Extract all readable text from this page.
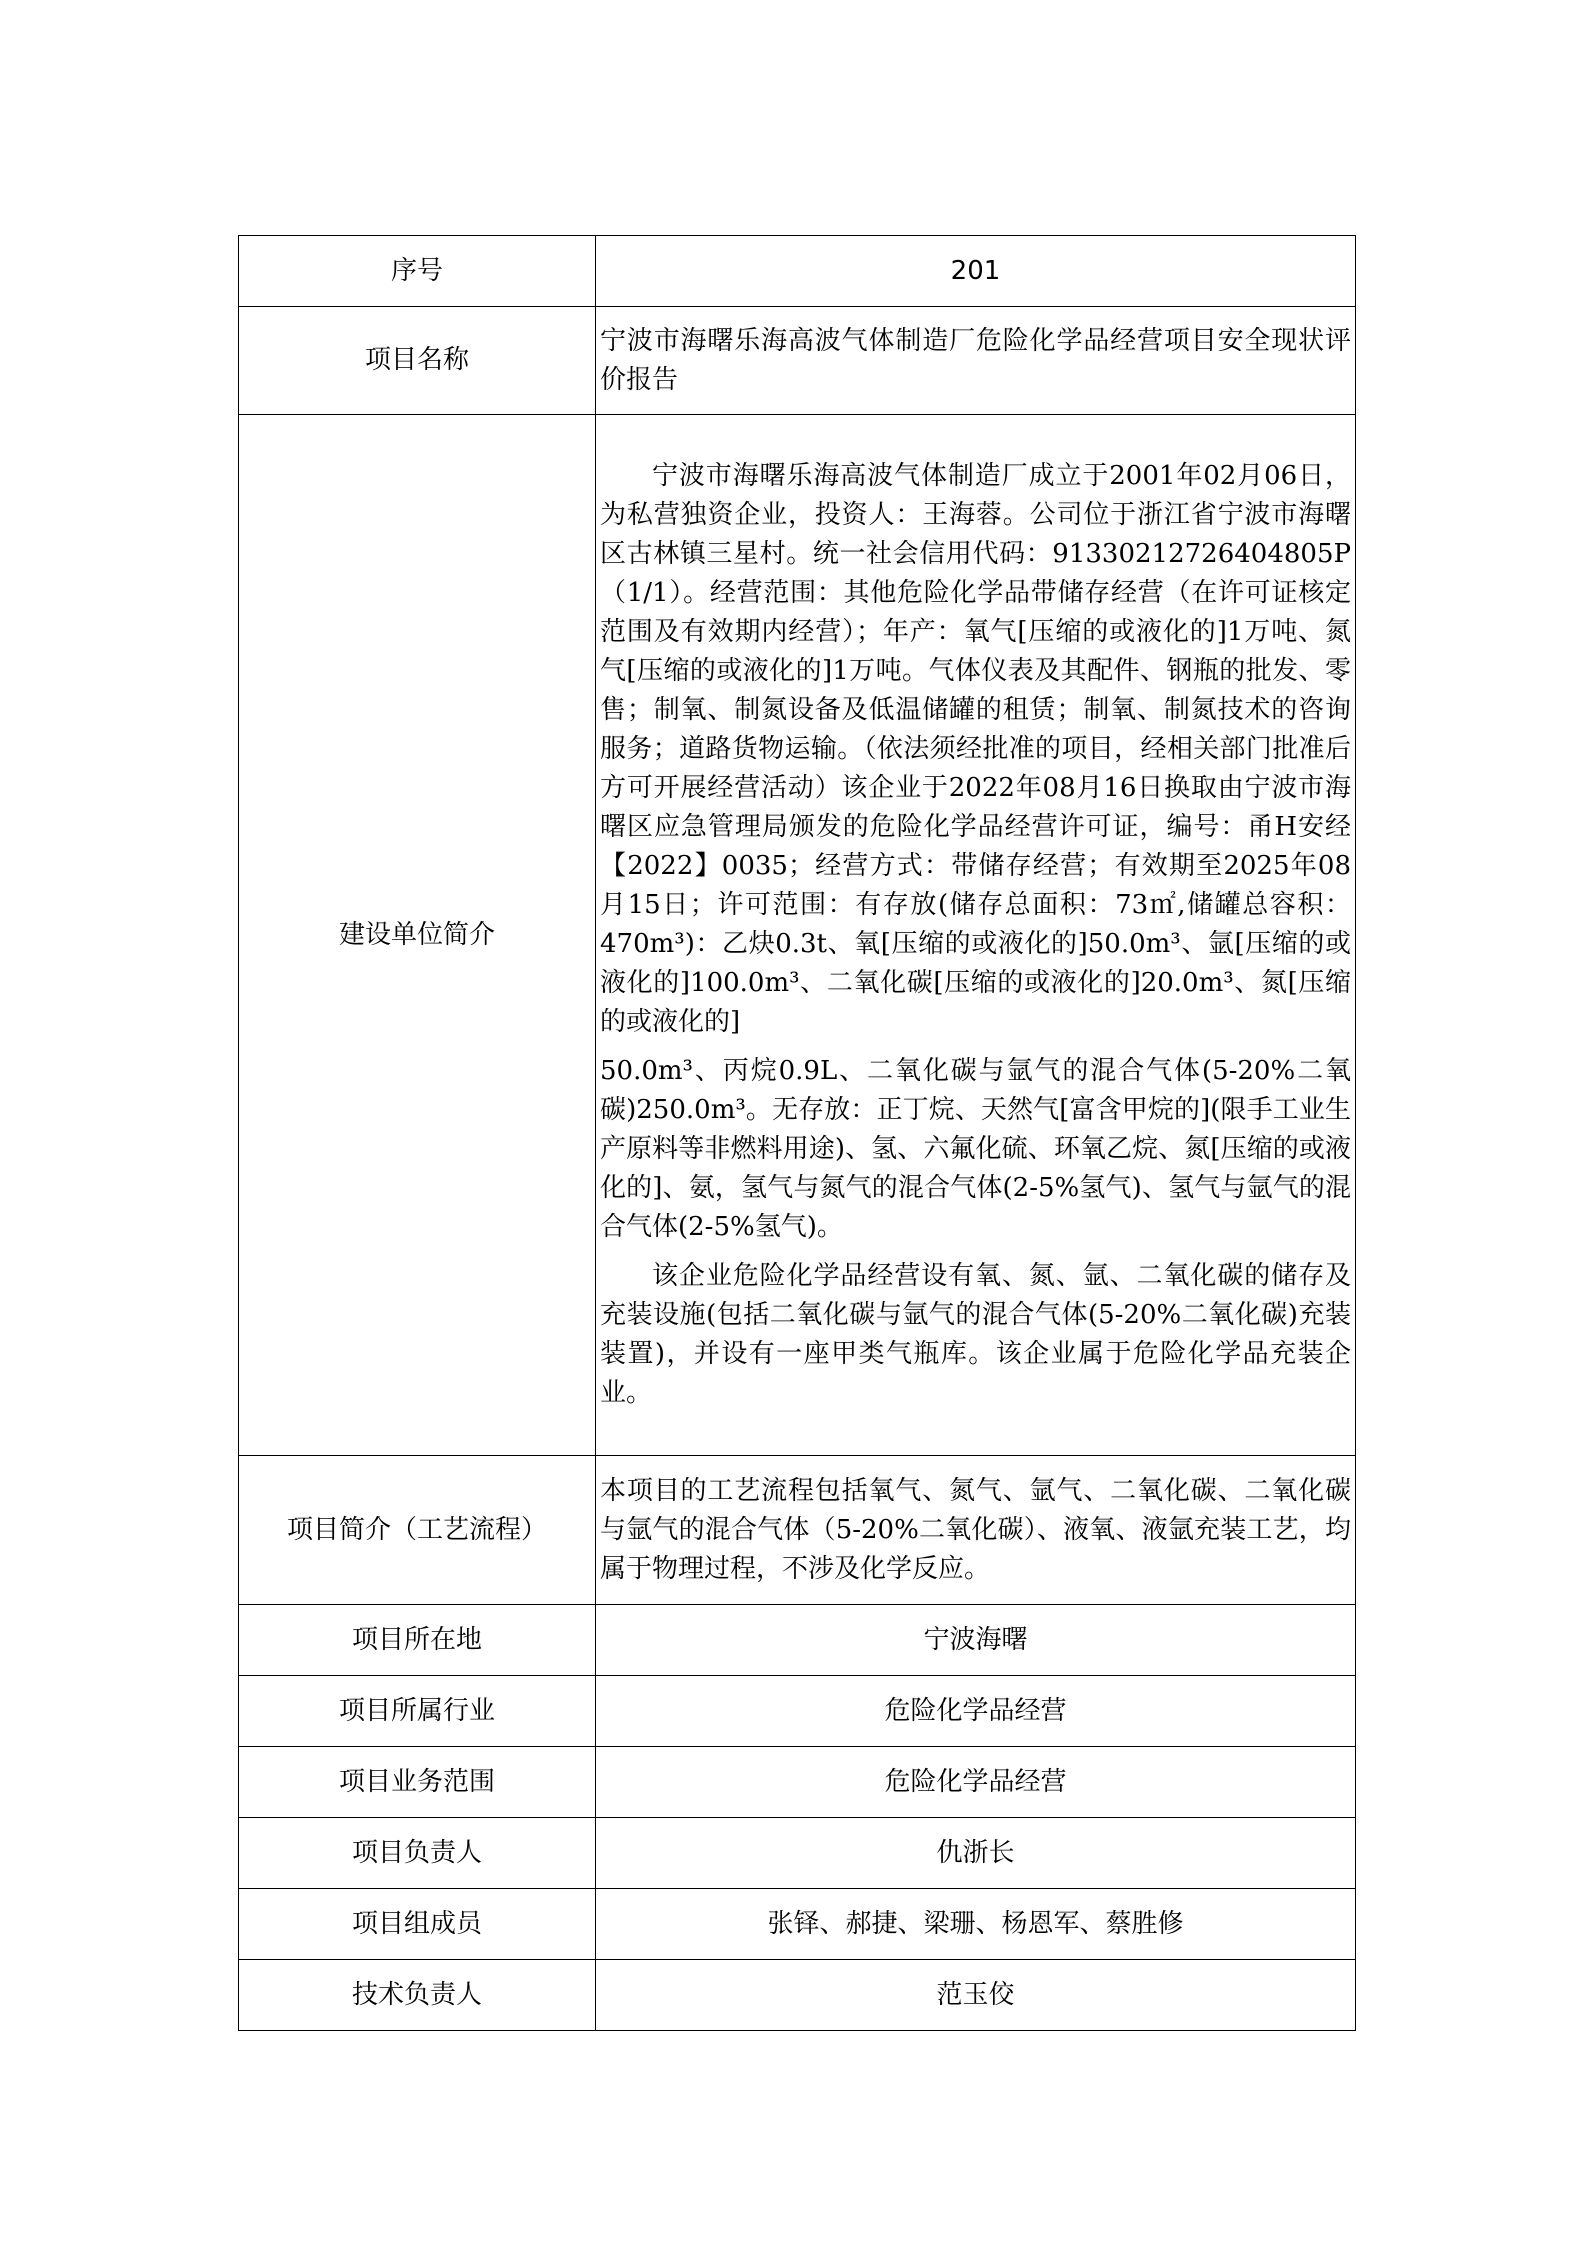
序号	201
项目名称	宁波市海曙乐海高波气体制造厂危险化学品经营项目安全现状评价报告

建设单位简介	宁波市海曙乐海高波气体制造厂成立于2001年02月06日，为私营独资企业，投资人：王海蓉。公司位于浙江省宁波市海曙区古林镇三星村。统一社会信用代码：91330212726404805P（1/1）。经营范围：其他危险化学品带储存经营（在许可证核定范围及有效期内经营）；年产：氧气[压缩的或液化的]1万吨、氮气[压缩的或液化的]1万吨。气体仪表及其配件、钢瓶的批发、零售；制氧、制氮设备及低温储罐的租赁；制氧、制氮技术的咨询服务；道路货物运输。（依法须经批准的项目，经相关部门批准后方可开展经营活动）该企业于2022年08月16日换取由宁波市海曙区应急管理局颁发的危险化学品经营许可证，编号：甬H安经【2022】0035；经营方式：带储存经营；有效期至2025年08月15日；许可范围：有存放(储存总面积：73㎡,储罐总容积：470m³)：乙炔0.3t、氧[压缩的或液化的]50.0m³、氩[压缩的或液化的]100.0m³、二氧化碳[压缩的或液化的]20.0m³、氮[压缩的或液化的]

50.0m³、丙烷0.9L、二氧化碳与氩气的混合气体(5-20%二氧碳)250.0m³。无存放：正丁烷、天然气[富含甲烷的](限手工业生产原料等非燃料用途)、氢、六氟化硫、环氧乙烷、氮[压缩的或液化的]、氨，氢气与氮气的混合气体(2-5%氢气)、氢气与氩气的混合气体(2-5%氢气)。

该企业危险化学品经营设有氧、氮、氩、二氧化碳的储存及充装设施(包括二氧化碳与氩气的混合气体(5-20%二氧化碳)充装装置)，并设有一座甲类气瓶库。该企业属于危险化学品充装企业。

项目简介（工艺流程）	本项目的工艺流程包括氧气、氮气、氩气、二氧化碳、二氧化碳与氩气的混合气体（5-20%二氧化碳）、液氧、液氩充装工艺，均属于物理过程，不涉及化学反应。

项目所在地	宁波海曙
项目所属行业	危险化学品经营
项目业务范围	危险化学品经营
项目负责人	仇浙长
项目组成员	张铎、郝捷、梁珊、杨恩军、蔡胜修
技术负责人	范玉佼
